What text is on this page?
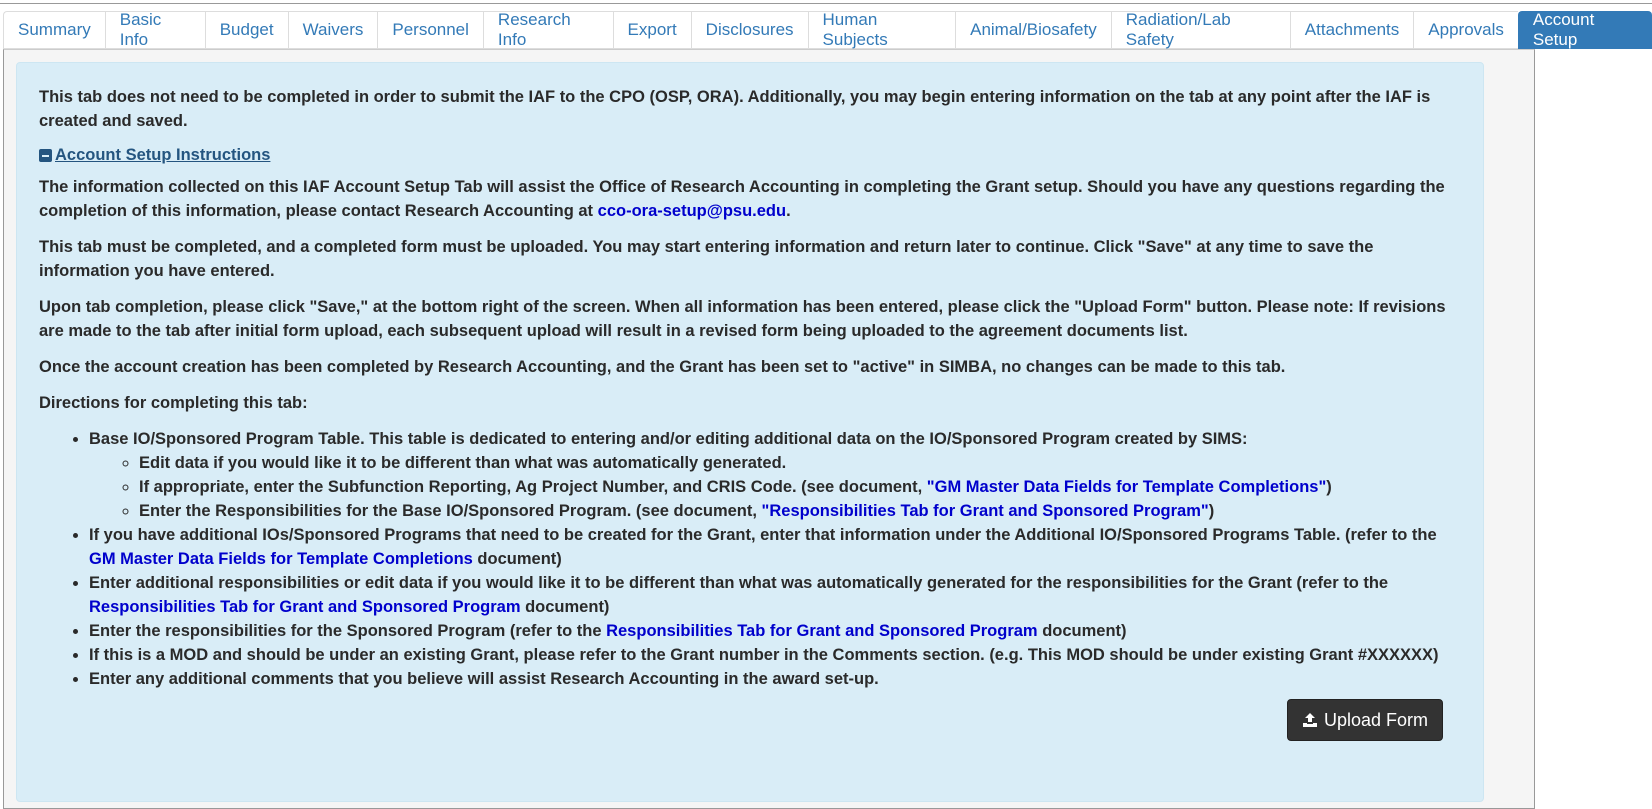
Summary
Basic Info
Budget	Waivers	Personnel
Research Info
Export	Disclosures
Human Subjects
Animal/Biosafety
Radiation/Lab Safety
Attachments	Approvals
Account Setup

This tab does not need to be completed in order to submit the IAF to the CPO (OSP, ORA). Additionally, you may begin entering information on the tab at any point after the IAF is created and saved.

Account Setup Instructions

The information collected on this IAF Account Setup Tab will assist the Office of Research Accounting in completing the Grant setup. Should you have any questions regarding the completion of this information, please contact Research Accounting at cco-ora-setup@psu.edu.

This tab must be completed, and a completed form must be uploaded. You may start entering information and return later to continue. Click "Save" at any time to save the information you have entered.

Upon tab completion, please click "Save," at the bottom right of the screen. When all information has been entered, please click the "Upload Form" button. Please note: If revisions are made to the tab after initial form upload, each subsequent upload will result in a revised form being uploaded to the agreement documents list.

Once the account creation has been completed by Research Accounting, and the Grant has been set to "active" in SIMBA, no changes can be made to this tab.

Directions for completing this tab:

• Base IO/Sponsored Program Table. This table is dedicated to entering and/or editing additional data on the IO/Sponsored Program created by SIMS:
◦ Edit data if you would like it to be different than what was automatically generated.
◦ If appropriate, enter the Subfunction Reporting, Ag Project Number, and CRIS Code. (see document, "GM Master Data Fields for Template Completions")
◦ Enter the Responsibilities for the Base IO/Sponsored Program. (see document, "Responsibilities Tab for Grant and Sponsored Program")
• If you have additional IOs/Sponsored Programs that need to be created for the Grant, enter that information under the Additional IO/Sponsored Programs Table. (refer to the GM Master Data Fields for Template Completions document)
• Enter additional responsibilities or edit data if you would like it to be different than what was automatically generated for the responsibilities for the Grant (refer to the Responsibilities Tab for Grant and Sponsored Program document)
• Enter the responsibilities for the Sponsored Program (refer to the Responsibilities Tab for Grant and Sponsored Program document)
• If this is a MOD and should be under an existing Grant, please refer to the Grant number in the Comments section. (e.g. This MOD should be under existing Grant #XXXXXX)
• Enter any additional comments that you believe will assist Research Accounting in the award set-up.
Upload Form
